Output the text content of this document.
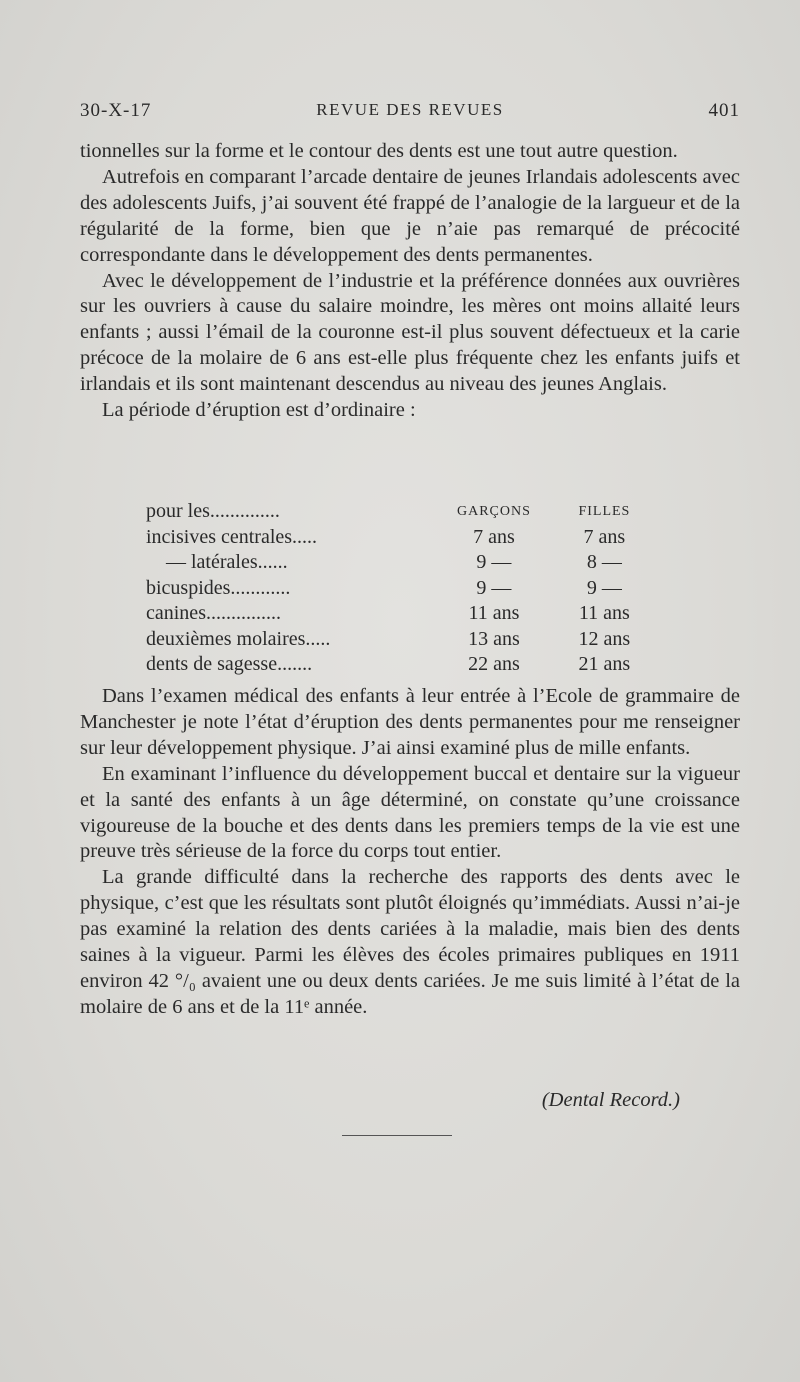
30-X-17	REVUE DES REVUES	401

tionnelles sur la forme et le contour des dents est une tout autre question.

Autrefois en comparant l’arcade dentaire de jeunes Irlandais adolescents avec des adolescents Juifs, j’ai souvent été frappé de l’analogie de la largueur et de la régularité de la forme, bien que je n’aie pas remarqué de précocité correspondante dans le développement des dents permanentes.

Avec le développement de l’industrie et la préférence données aux ouvrières sur les ouvriers à cause du salaire moindre, les mères ont moins allaité leurs enfants ; aussi l’émail de la couronne est-il plus souvent défectueux et la carie précoce de la molaire de 6 ans est-elle plus fréquente chez les enfants juifs et irlandais et ils sont maintenant descendus au niveau des jeunes Anglais.

La période d’éruption est d’ordinaire :

pour les..............	GARÇONS	FILLES
incisives centrales.....	7 ans	7 ans
— latérales......	9 —	8 —
bicuspides............	9 —	9 —
canines...............	11 ans	11 ans
deuxièmes molaires.....	13 ans	12 ans
dents de sagesse.......	22 ans	21 ans

Dans l’examen médical des enfants à leur entrée à l’Ecole de grammaire de Manchester je note l’état d’éruption des dents permanentes pour me renseigner sur leur développement physique. J’ai ainsi examiné plus de mille enfants.

En examinant l’influence du développement buccal et dentaire sur la vigueur et la santé des enfants à un âge déterminé, on constate qu’une croissance vigoureuse de la bouche et des dents dans les premiers temps de la vie est une preuve très sérieuse de la force du corps tout entier.

La grande difficulté dans la recherche des rapports des dents avec le physique, c’est que les résultats sont plutôt éloignés qu’immédiats. Aussi n’ai-je pas examiné la relation des dents cariées à la maladie, mais bien des dents saines à la vigueur. Parmi les élèves des écoles primaires publiques en 1911 environ 42 °/₀ avaient une ou deux dents cariées. Je me suis limité à l’état de la molaire de 6 ans et de la 11ᵉ année.

(Dental Record.)
